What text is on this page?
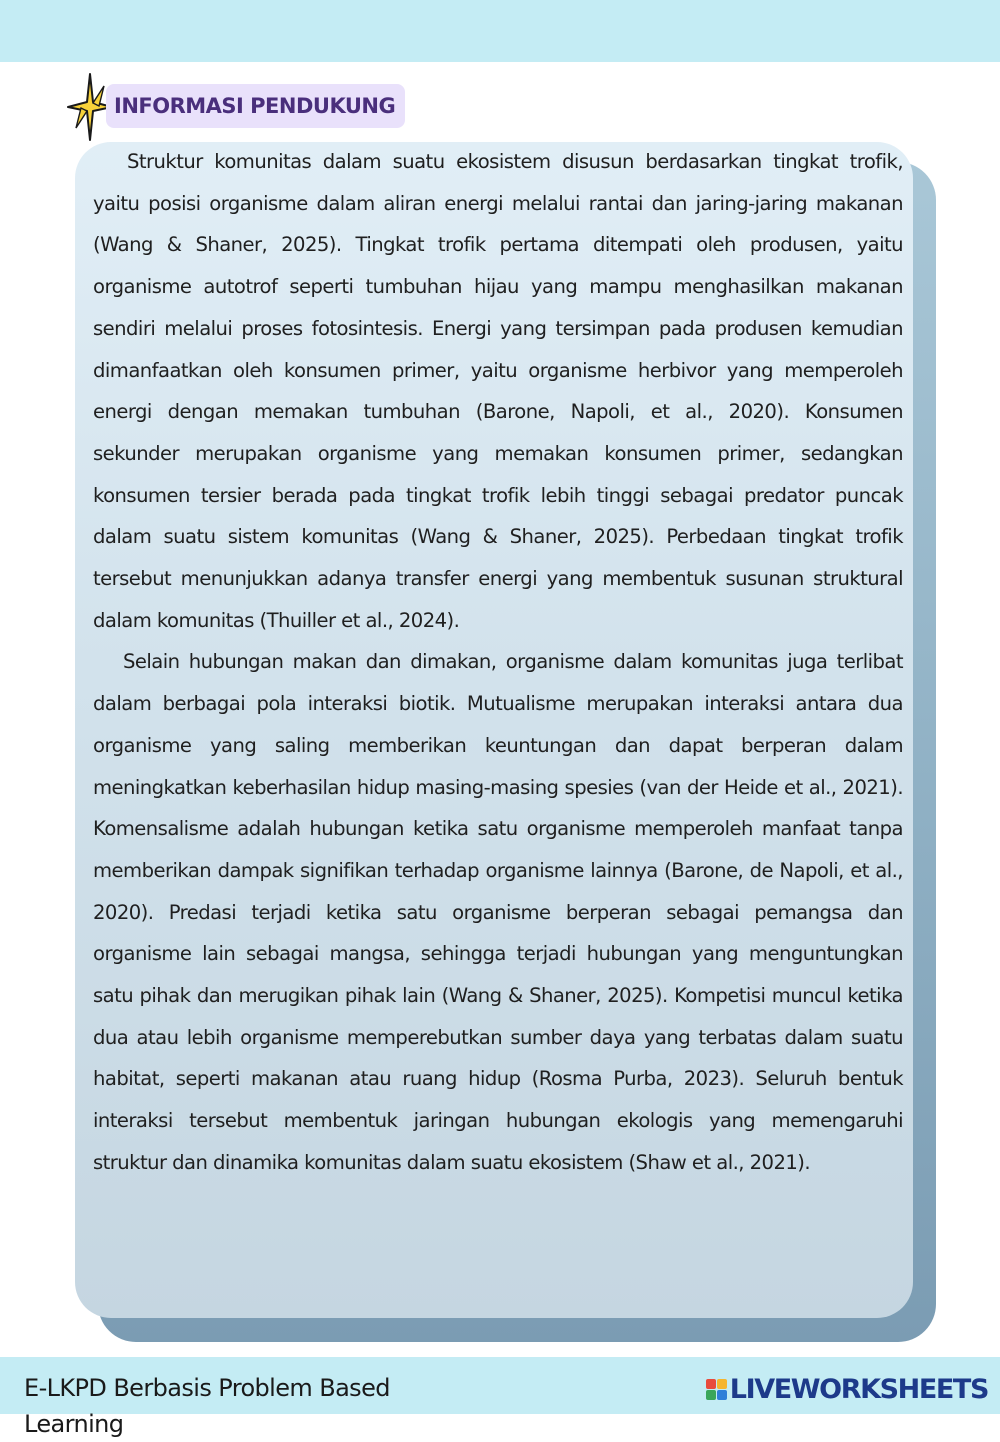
INFORMASI PENDUKUNG

Struktur komunitas dalam suatu ekosistem disusun berdasarkan tingkat trofik, yaitu posisi organisme dalam aliran energi melalui rantai dan jaring-jaring makanan (Wang & Shaner, 2025). Tingkat trofik pertama ditempati oleh produsen, yaitu organisme autotrof seperti tumbuhan hijau yang mampu menghasilkan makanan sendiri melalui proses fotosintesis. Energi yang tersimpan pada produsen kemudian dimanfaatkan oleh konsumen primer, yaitu organisme herbivor yang memperoleh energi dengan memakan tumbuhan (Barone, Napoli, et al., 2020). Konsumen sekunder merupakan organisme yang memakan konsumen primer, sedangkan konsumen tersier berada pada tingkat trofik lebih tinggi sebagai predator puncak dalam suatu sistem komunitas (Wang & Shaner, 2025). Perbedaan tingkat trofik tersebut menunjukkan adanya transfer energi yang membentuk susunan struktural dalam komunitas (Thuiller et al., 2024).

Selain hubungan makan dan dimakan, organisme dalam komunitas juga terlibat dalam berbagai pola interaksi biotik. Mutualisme merupakan interaksi antara dua organisme yang saling memberikan keuntungan dan dapat berperan dalam meningkatkan keberhasilan hidup masing-masing spesies (van der Heide et al., 2021). Komensalisme adalah hubungan ketika satu organisme memperoleh manfaat tanpa memberikan dampak signifikan terhadap organisme lainnya (Barone, de Napoli, et al., 2020). Predasi terjadi ketika satu organisme berperan sebagai pemangsa dan organisme lain sebagai mangsa, sehingga terjadi hubungan yang menguntungkan satu pihak dan merugikan pihak lain (Wang & Shaner, 2025). Kompetisi muncul ketika dua atau lebih organisme memperebutkan sumber daya yang terbatas dalam suatu habitat, seperti makanan atau ruang hidup (Rosma Purba, 2023). Seluruh bentuk interaksi tersebut membentuk jaringan hubungan ekologis yang memengaruhi struktur dan dinamika komunitas dalam suatu ekosistem (Shaw et al., 2021).

E-LKPD Berbasis Problem Based Learning
LIVEWORKSHEETS
